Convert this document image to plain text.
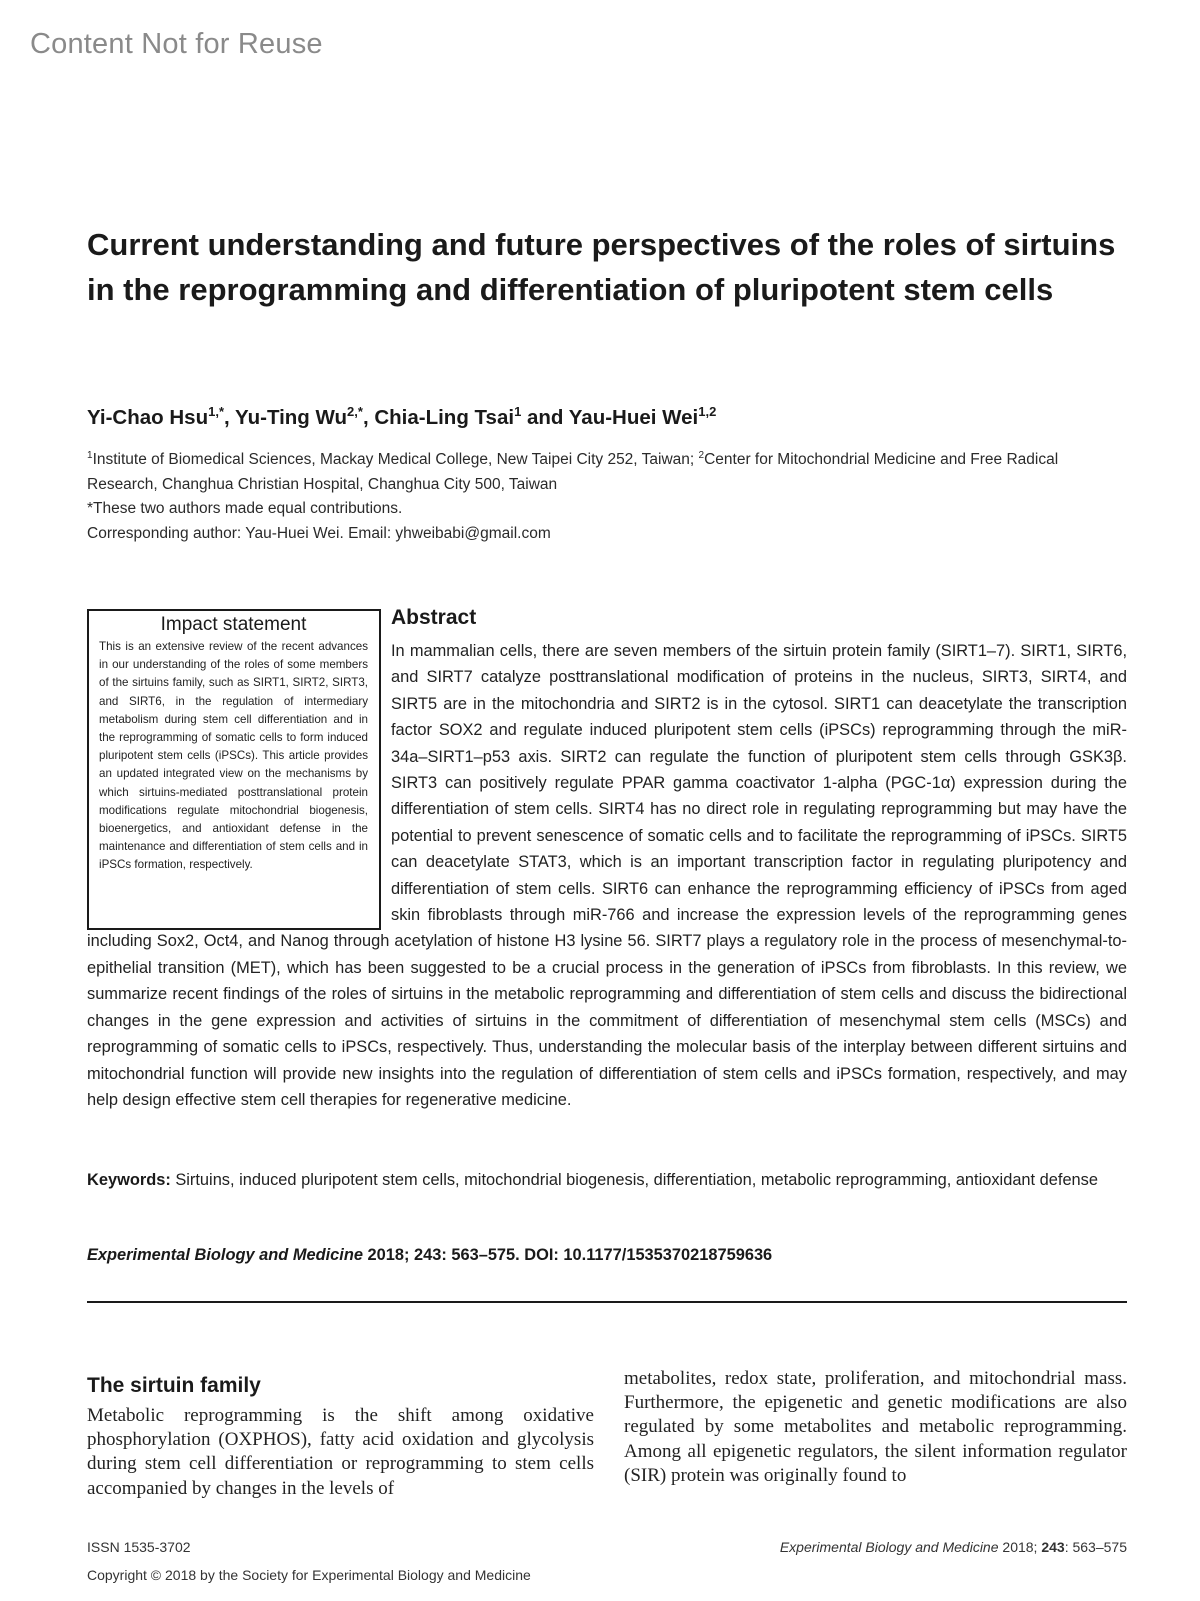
Content Not for Reuse
Current understanding and future perspectives of the roles of sirtuins in the reprogramming and differentiation of pluripotent stem cells
Yi-Chao Hsu$^{1,*}$, Yu-Ting $Wu^{2,*}$, Chia-Ling Tsai$^1$ and Yau-Huei Wei$^{1,2}$
$^1$Institute of Biomedical Sciences, Mackay Medical College, New Taipei City 252, Taiwan; $^2$Center for Mitochondrial Medicine and Free Radical Research, Changhua Christian Hospital, Changhua City 500, Taiwan
*These two authors made equal contributions.
Corresponding author: Yau-Huei Wei. Email: yhweibabi@gmail.com
Impact statement
This is an extensive review of the recent advances in our understanding of the roles of some members of the sirtuins family, such as SIRT1, SIRT2, SIRT3, and SIRT6, in the regulation of intermediary metabolism during stem cell differentiation and in the reprogramming of somatic cells to form induced pluripotent stem cells (iPSCs). This article provides an updated integrated view on the mechanisms by which sirtuins-mediated posttranslational protein modifications regulate mitochondrial biogenesis, bioenergetics, and antioxidant defense in the maintenance and differentiation of stem cells and in iPSCs formation, respectively.
Abstract
In mammalian cells, there are seven members of the sirtuin protein family (SIRT1–7). SIRT1, SIRT6, and SIRT7 catalyze posttranslational modification of proteins in the nucleus, SIRT3, SIRT4, and SIRT5 are in the mitochondria and SIRT2 is in the cytosol. SIRT1 can deacetylate the transcription factor SOX2 and regulate induced pluripotent stem cells (iPSCs) reprogramming through the miR-34a–SIRT1–p53 axis. SIRT2 can regulate the function of pluripotent stem cells through GSK3β. SIRT3 can positively regulate PPAR gamma coactivator 1-alpha (PGC-1α) expression during the differentiation of stem cells. SIRT4 has no direct role in regulating reprogramming but may have the potential to prevent senescence of somatic cells and to facilitate the reprogramming of iPSCs. SIRT5 can deacetylate STAT3, which is an important transcription factor in regulating pluripotency and differentiation of stem cells. SIRT6 can enhance the reprogramming efficiency of iPSCs from aged skin fibroblasts through miR-766 and increase the expression levels of the reprogramming genes including Sox2, Oct4, and Nanog through acetylation of histone H3 lysine 56. SIRT7 plays a regulatory role in the process of mesenchymal-to-epithelial transition (MET), which has been suggested to be a crucial process in the generation of iPSCs from fibroblasts. In this review, we summarize recent findings of the roles of sirtuins in the metabolic reprogramming and differentiation of stem cells and discuss the bidirectional changes in the gene expression and activities of sirtuins in the commitment of differentiation of mesenchymal stem cells (MSCs) and reprogramming of somatic cells to iPSCs, respectively. Thus, understanding the molecular basis of the interplay between different sirtuins and mitochondrial function will provide new insights into the regulation of differentiation of stem cells and iPSCs formation, respectively, and may help design effective stem cell therapies for regenerative medicine.
Keywords: Sirtuins, induced pluripotent stem cells, mitochondrial biogenesis, differentiation, metabolic reprogramming, antioxidant defense
Experimental Biology and Medicine 2018; 243: 563–575. DOI: 10.1177/1535370218759636
The sirtuin family
Metabolic reprogramming is the shift among oxidative phosphorylation (OXPHOS), fatty acid oxidation and glycolysis during stem cell differentiation or reprogramming to stem cells accompanied by changes in the levels of
metabolites, redox state, proliferation, and mitochondrial mass. Furthermore, the epigenetic and genetic modifications are also regulated by some metabolites and metabolic reprogramming. Among all epigenetic regulators, the silent information regulator (SIR) protein was originally found to
ISSN 1535-3702
Copyright © 2018 by the Society for Experimental Biology and Medicine
Experimental Biology and Medicine 2018; 243: 563–575
